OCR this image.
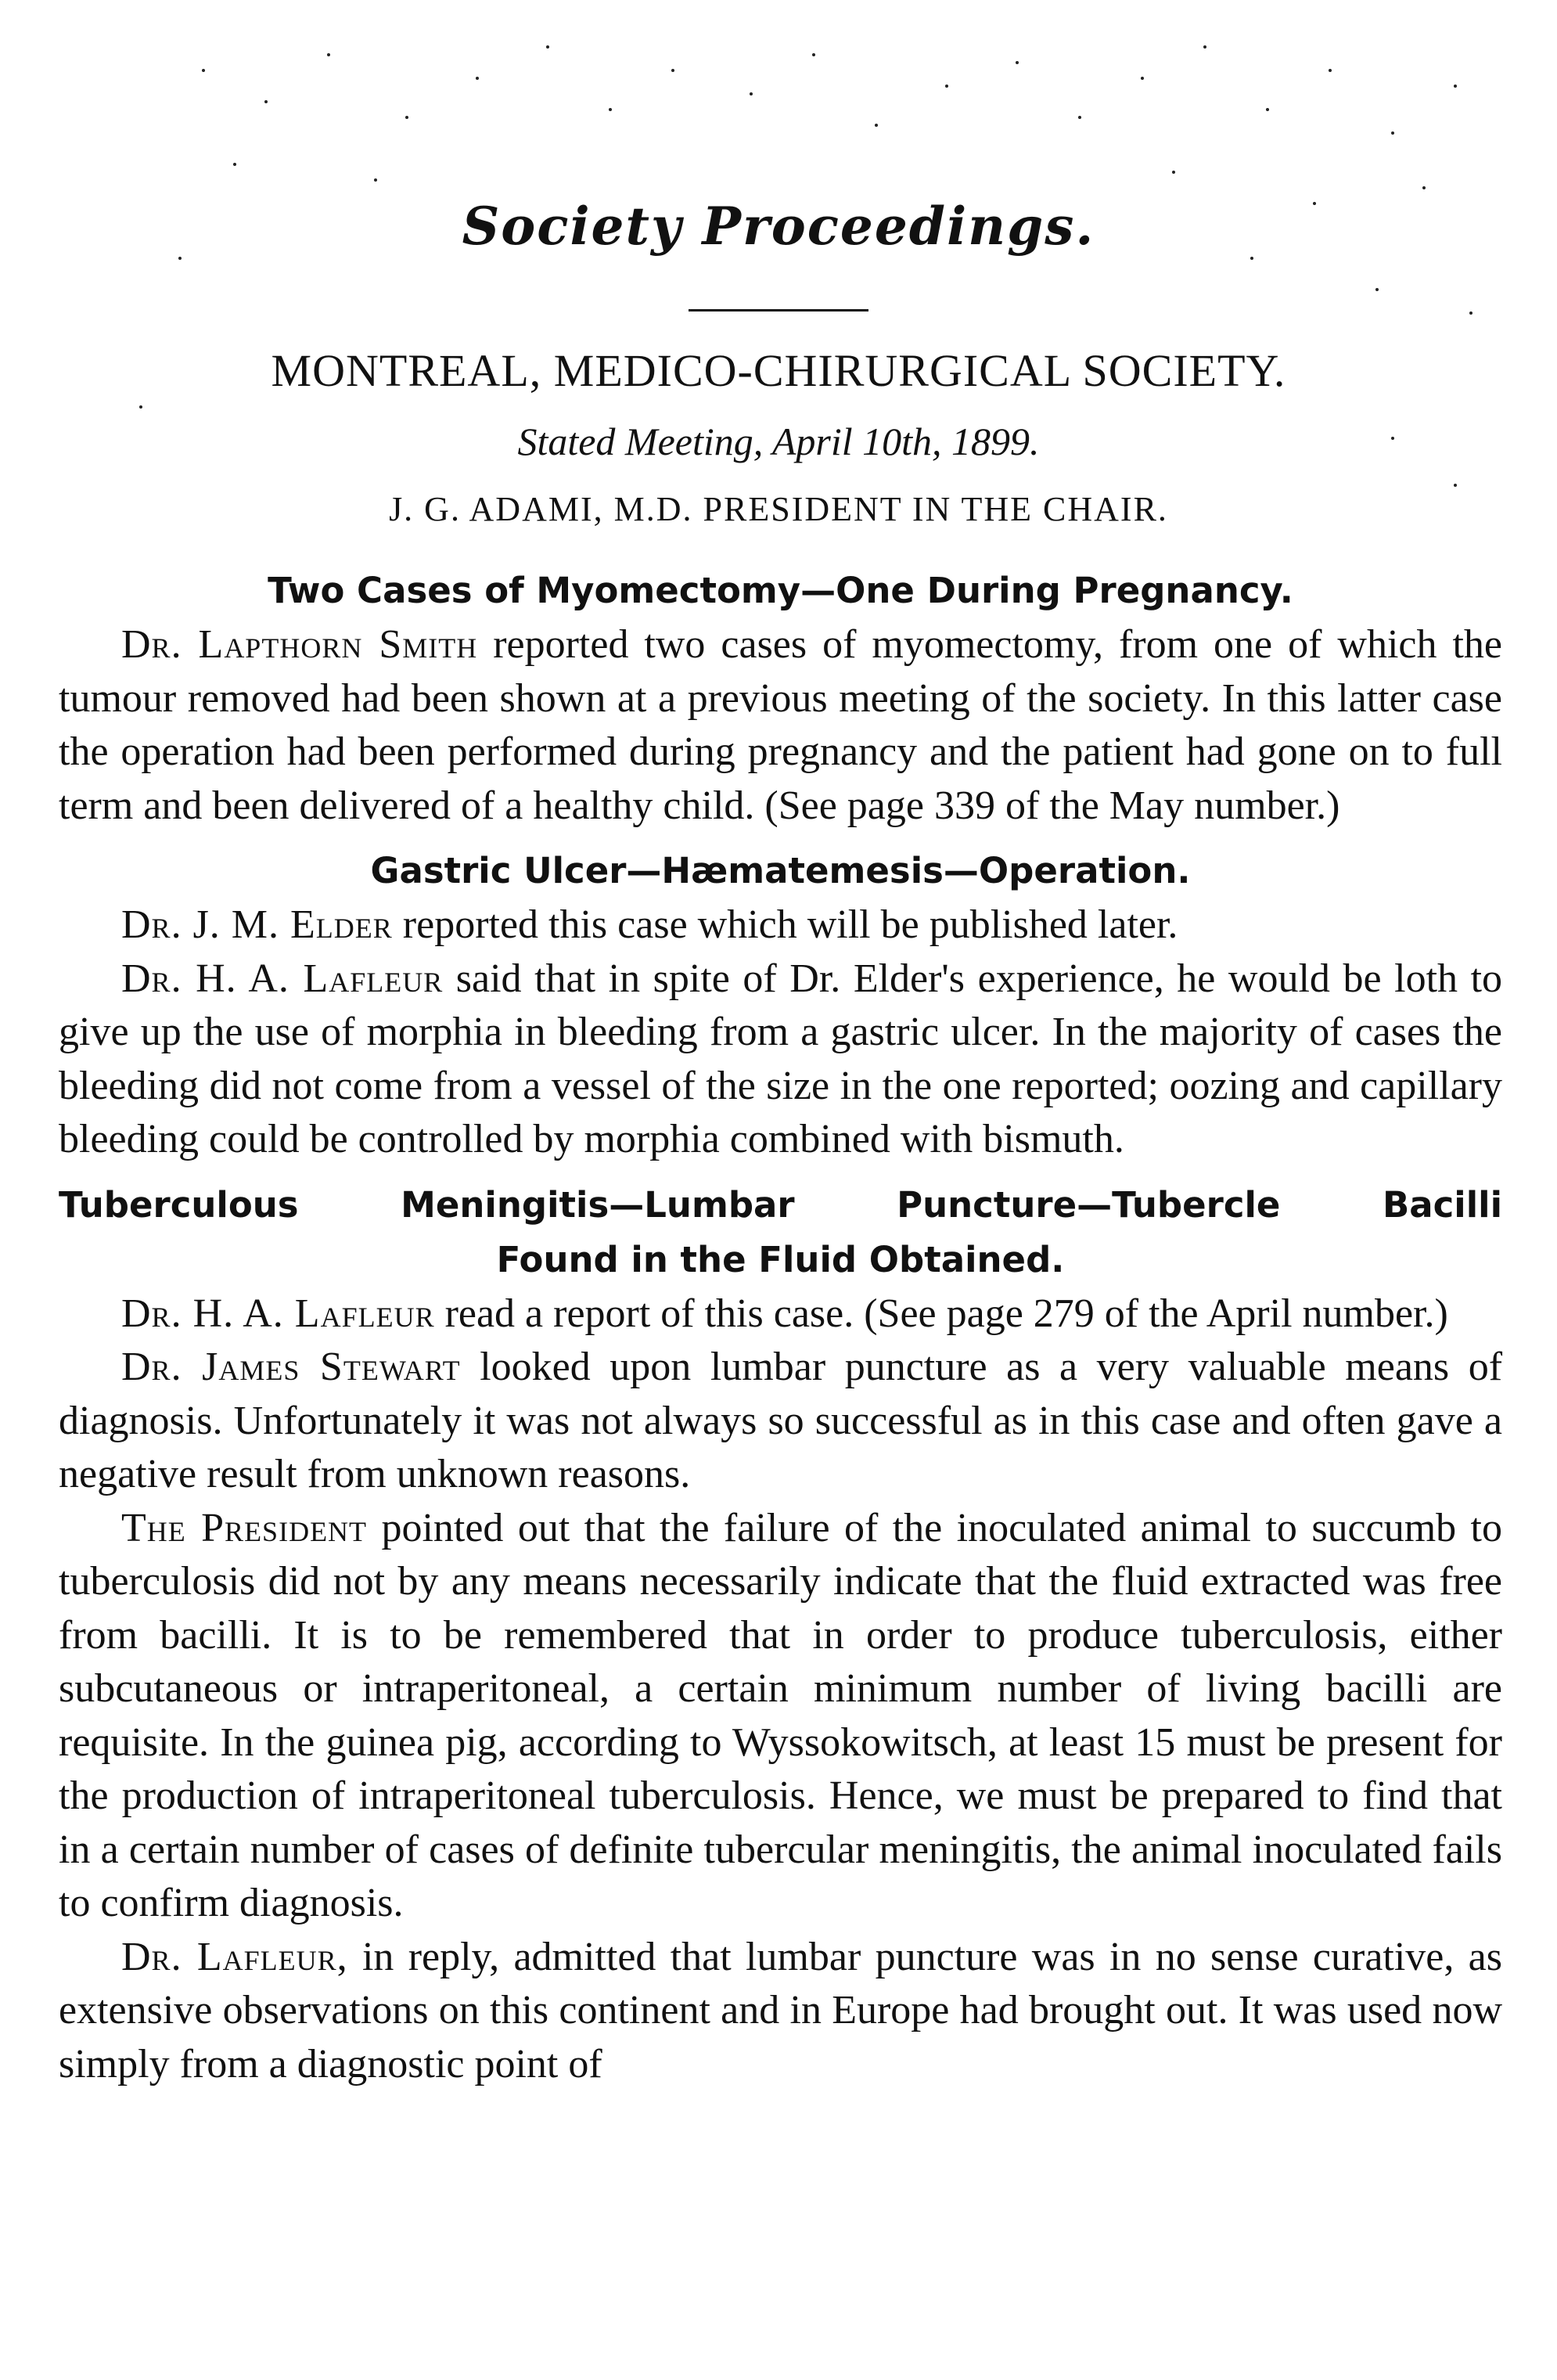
Society Proceedings.
MONTREAL, MEDICO-CHIRURGICAL SOCIETY.
Stated Meeting, April 10th, 1899.
J. G. ADAMI, M.D. PRESIDENT IN THE CHAIR.
Two Cases of Myomectomy—One During Pregnancy.

Dr. Lapthorn Smith reported two cases of myomectomy, from one of which the tumour removed had been shown at a previous meeting of the society. In this latter case the operation had been performed during pregnancy and the patient had gone on to full term and been delivered of a healthy child. (See page 339 of the May number.)

Gastric Ulcer—Hæmatemesis—Operation.

Dr. J. M. Elder reported this case which will be published later.

Dr. H. A. Lafleur said that in spite of Dr. Elder's experience, he would be loth to give up the use of morphia in bleeding from a gastric ulcer. In the majority of cases the bleeding did not come from a vessel of the size in the one reported; oozing and capillary bleeding could be controlled by morphia combined with bismuth.

Tuberculous Meningitis—Lumbar Puncture—Tubercle Bacilli
Found in the Fluid Obtained.

Dr. H. A. Lafleur read a report of this case. (See page 279 of the April number.)

Dr. James Stewart looked upon lumbar puncture as a very valuable means of diagnosis. Unfortunately it was not always so successful as in this case and often gave a negative result from unknown reasons.

The President pointed out that the failure of the inoculated animal to succumb to tuberculosis did not by any means necessarily indicate that the fluid extracted was free from bacilli. It is to be remembered that in order to produce tuberculosis, either subcutaneous or intraperitoneal, a certain minimum number of living bacilli are requisite. In the guinea pig, according to Wyssokowitsch, at least 15 must be present for the production of intraperitoneal tuberculosis. Hence, we must be prepared to find that in a certain number of cases of definite tubercular meningitis, the animal inoculated fails to confirm diagnosis.

Dr. Lafleur, in reply, admitted that lumbar puncture was in no sense curative, as extensive observations on this continent and in Europe had brought out. It was used now simply from a diagnostic point of
